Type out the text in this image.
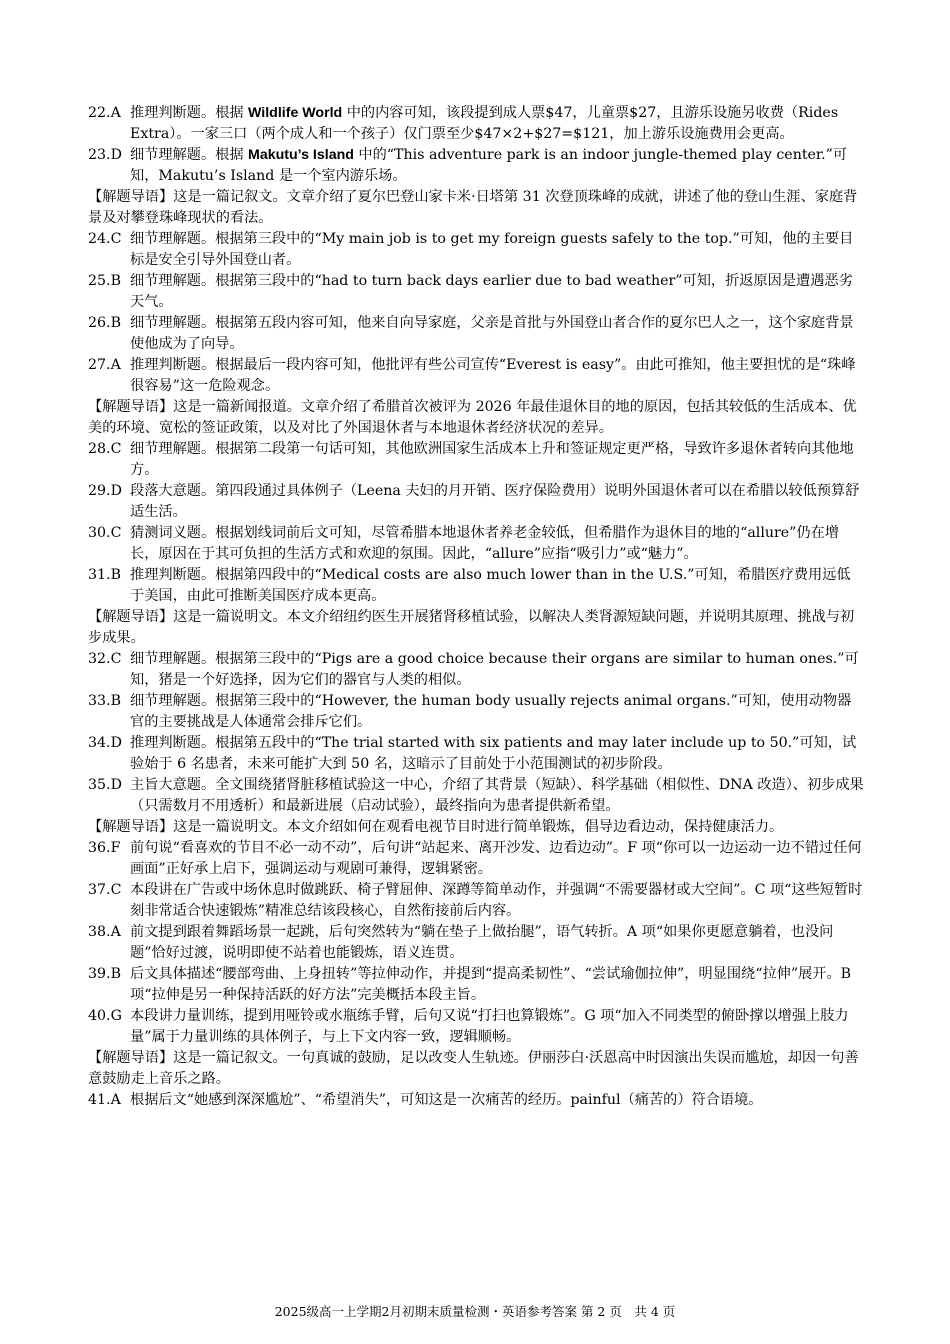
22.A 推理判断题。根据 Wildlife World 中的内容可知，该段提到成人票$47，儿童票$27，且游乐设施另收费（Rides Extra）。一家三口（两个成人和一个孩子）仅门票至少$47×2+$27=$121，加上游乐设施费用会更高。
23.D 细节理解题。根据 Makutu’s Island 中的“This adventure park is an indoor jungle-themed play center.”可知，Makutu’s Island 是一个室内游乐场。
【解题导语】这是一篇记叙文。文章介绍了夏尔巴登山家卡米·日塔第 31 次登顶珠峰的成就，讲述了他的登山生涯、家庭背景及对攀登珠峰现状的看法。
24.C 细节理解题。根据第三段中的“My main job is to get my foreign guests safely to the top.”可知，他的主要目标是安全引导外国登山者。
25.B 细节理解题。根据第三段中的“had to turn back days earlier due to bad weather”可知，折返原因是遭遇恶劣天气。
26.B 细节理解题。根据第五段内容可知，他来自向导家庭，父亲是首批与外国登山者合作的夏尔巴人之一，这个家庭背景使他成为了向导。
27.A 推理判断题。根据最后一段内容可知，他批评有些公司宣传“Everest is easy”。由此可推知，他主要担忧的是“珠峰很容易”这一危险观念。
【解题导语】这是一篇新闻报道。文章介绍了希腊首次被评为 2026 年最佳退休目的地的原因，包括其较低的生活成本、优美的环境、宽松的签证政策，以及对比了外国退休者与本地退休者经济状况的差异。
28.C 细节理解题。根据第二段第一句话可知，其他欧洲国家生活成本上升和签证规定更严格，导致许多退休者转向其他地方。
29.D 段落大意题。第四段通过具体例子（Leena 夫妇的月开销、医疗保险费用）说明外国退休者可以在希腊以较低预算舒适生活。
30.C 猜测词义题。根据划线词前后文可知，尽管希腊本地退休者养老金较低，但希腊作为退休目的地的“allure”仍在增长，原因在于其可负担的生活方式和欢迎的氛围。因此，“allure”应指“吸引力”或“魅力”。
31.B 推理判断题。根据第四段中的“Medical costs are also much lower than in the U.S.”可知，希腊医疗费用远低于美国，由此可推断美国医疗成本更高。
【解题导语】这是一篇说明文。本文介绍纽约医生开展猪肾移植试验，以解决人类肾源短缺问题，并说明其原理、挑战与初步成果。
32.C 细节理解题。根据第三段中的“Pigs are a good choice because their organs are similar to human ones.”可知，猪是一个好选择，因为它们的器官与人类的相似。
33.B 细节理解题。根据第三段中的“However, the human body usually rejects animal organs.”可知，使用动物器官的主要挑战是人体通常会排斥它们。
34.D 推理判断题。根据第五段中的“The trial started with six patients and may later include up to 50.”可知，试验始于 6 名患者，未来可能扩大到 50 名，这暗示了目前处于小范围测试的初步阶段。
35.D 主旨大意题。全文围绕猪肾脏移植试验这一中心，介绍了其背景（短缺）、科学基础（相似性、DNA 改造）、初步成果（只需数月不用透析）和最新进展（启动试验），最终指向为患者提供新希望。
【解题导语】这是一篇说明文。本文介绍如何在观看电视节目时进行简单锻炼，倡导边看边动，保持健康活力。
36.F 前句说“看喜欢的节目不必一动不动”，后句讲“站起来、离开沙发、边看边动”。F 项“你可以一边运动一边不错过任何画面”正好承上启下，强调运动与观剧可兼得，逻辑紧密。
37.C 本段讲在广告或中场休息时做跳跃、椅子臂屈伸、深蹲等简单动作，并强调“不需要器材或大空间”。C 项“这些短暂时刻非常适合快速锻炼”精准总结该段核心，自然衔接前后内容。
38.A 前文提到跟着舞蹈场景一起跳，后句突然转为“躺在垫子上做抬腿”，语气转折。A 项“如果你更愿意躺着，也没问题”恰好过渡，说明即使不站着也能锻炼，语义连贯。
39.B 后文具体描述“腰部弯曲、上身扭转”等拉伸动作，并提到“提高柔韧性”、“尝试瑜伽拉伸”，明显围绕“拉伸”展开。B 项“拉伸是另一种保持活跃的好方法”完美概括本段主旨。
40.G 本段讲力量训练，提到用哑铃或水瓶练手臂，后句又说“打扫也算锻炼”。G 项“加入不同类型的俯卧撑以增强上肢力量”属于力量训练的具体例子，与上下文内容一致，逻辑顺畅。
【解题导语】这是一篇记叙文。一句真诚的鼓励，足以改变人生轨迹。伊丽莎白·沃恩高中时因演出失误而尴尬，却因一句善意鼓励走上音乐之路。
41.A 根据后文“她感到深深尴尬”、“希望消失”，可知这是一次痛苦的经历。painful（痛苦的）符合语境。
2025级高一上学期2月初期末质量检测・英语参考答案 第 2 页　共 4 页
